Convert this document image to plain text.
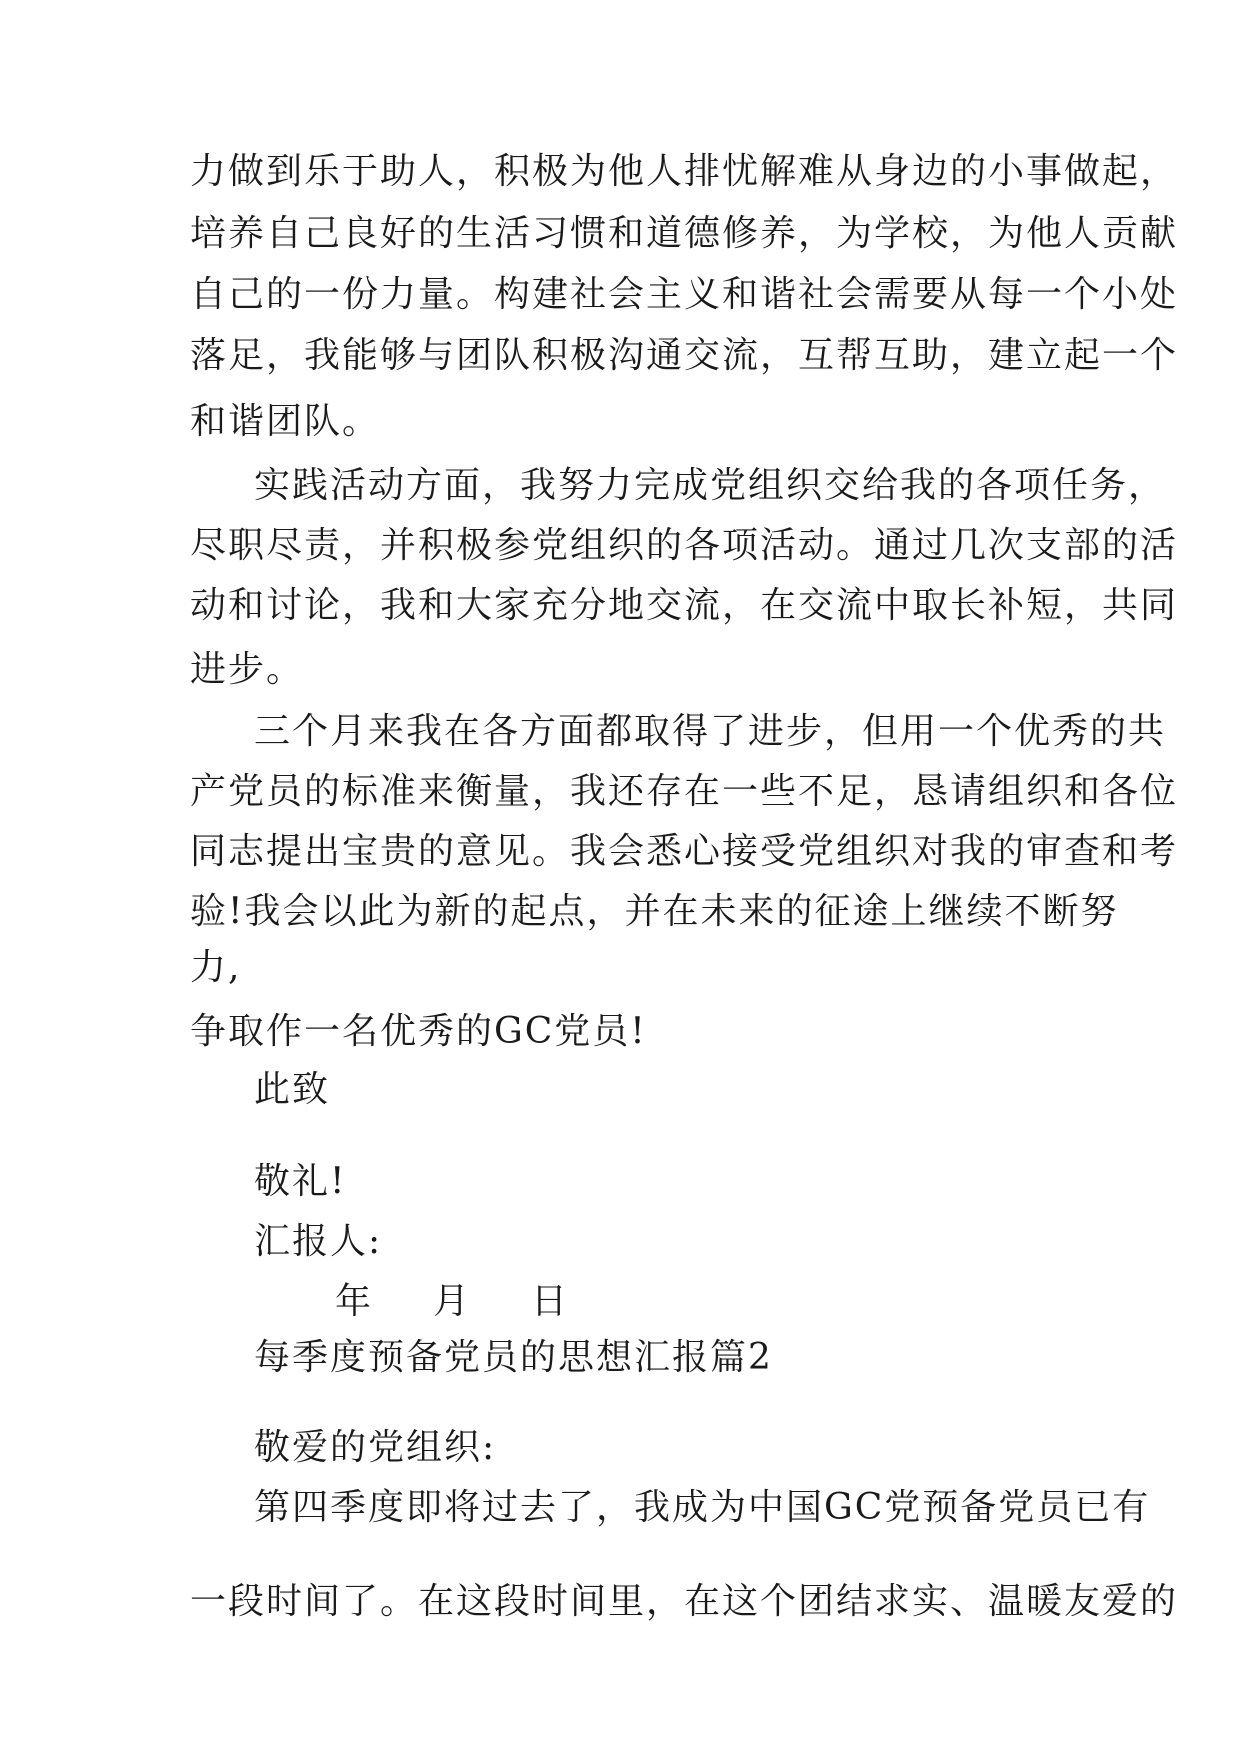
力做到乐于助人，积极为他人排忧解难从身边的小事做起，
培养自己良好的生活习惯和道德修养，为学校，为他人贡献
自己的一份力量。构建社会主义和谐社会需要从每一个小处
落足，我能够与团队积极沟通交流，互帮互助，建立起一个
和谐团队。
实践活动方面，我努力完成党组织交给我的各项任务，
尽职尽责，并积极参党组织的各项活动。通过几次支部的活
动和讨论，我和大家充分地交流，在交流中取长补短，共同
进步。
三个月来我在各方面都取得了进步，但用一个优秀的共
产党员的标准来衡量，我还存在一些不足，恳请组织和各位
同志提出宝贵的意见。我会悉心接受党组织对我的审查和考
验!我会以此为新的起点，并在未来的征途上继续不断努
力,
争取作一名优秀的GC党员!
此致
敬礼!
汇报人:
年 月 日
每季度预备党员的思想汇报篇2
敬爱的党组织:
第四季度即将过去了，我成为中国GC党预备党员已有
一段时间了。在这段时间里，在这个团结求实、温暖友爱的
